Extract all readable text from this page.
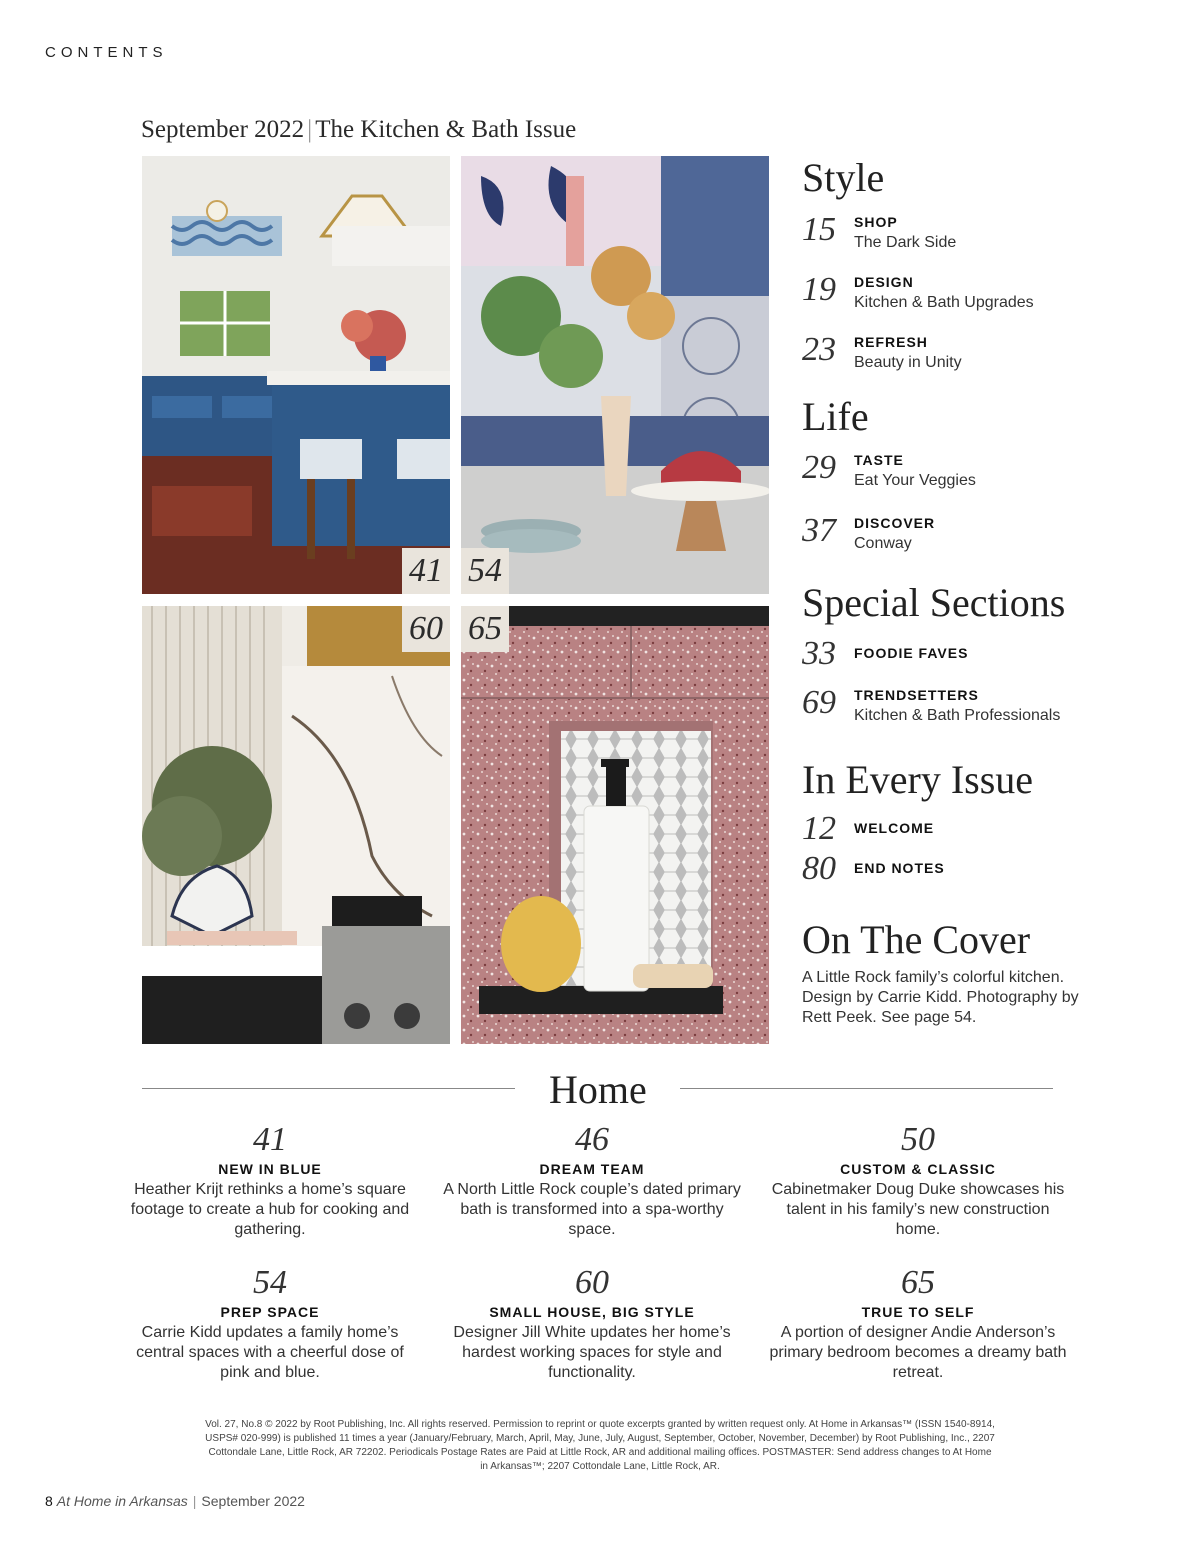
CONTENTS
September 2022 | The Kitchen & Bath Issue
41 54
60 65
Style
15 SHOP
The Dark Side
19 DESIGN
Kitchen & Bath Upgrades
23 REFRESH
Beauty in Unity
Life
29 TASTE
Eat Your Veggies
37 DISCOVER
Conway
Special Sections
33 FOODIE FAVES
69 TRENDSETTERS
Kitchen & Bath Professionals
In Every Issue
12 WELCOME
80 END NOTES
On The Cover
A Little Rock family’s colorful kitchen. Design by Carrie Kidd. Photography by Rett Peek. See page 54.
Home
41
NEW IN BLUE
Heather Krijt rethinks a home’s square footage to create a hub for cooking and gathering.
46
DREAM TEAM
A North Little Rock couple’s dated primary bath is transformed into a spa-worthy space.
50
CUSTOM & CLASSIC
Cabinetmaker Doug Duke showcases his talent in his family’s new construction home.
54
PREP SPACE
Carrie Kidd updates a family home’s central spaces with a cheerful dose of pink and blue.
60
SMALL HOUSE, BIG STYLE
Designer Jill White updates her home’s hardest working spaces for style and functionality.
65
TRUE TO SELF
A portion of designer Andie Anderson’s primary bedroom becomes a dreamy bath retreat.
Vol. 27, No.8 © 2022 by Root Publishing, Inc. All rights reserved. Permission to reprint or quote excerpts granted by written request only. At Home in Arkansas™ (ISSN 1540-8914, USPS# 020-999) is published 11 times a year (January/February, March, April, May, June, July, August, September, October, November, December) by Root Publishing, Inc., 2207 Cottondale Lane, Little Rock, AR 72202. Periodicals Postage Rates are Paid at Little Rock, AR and additional mailing offices. POSTMASTER: Send address changes to At Home in Arkansas™; 2207 Cottondale Lane, Little Rock, AR.
8 At Home in Arkansas | September 2022
